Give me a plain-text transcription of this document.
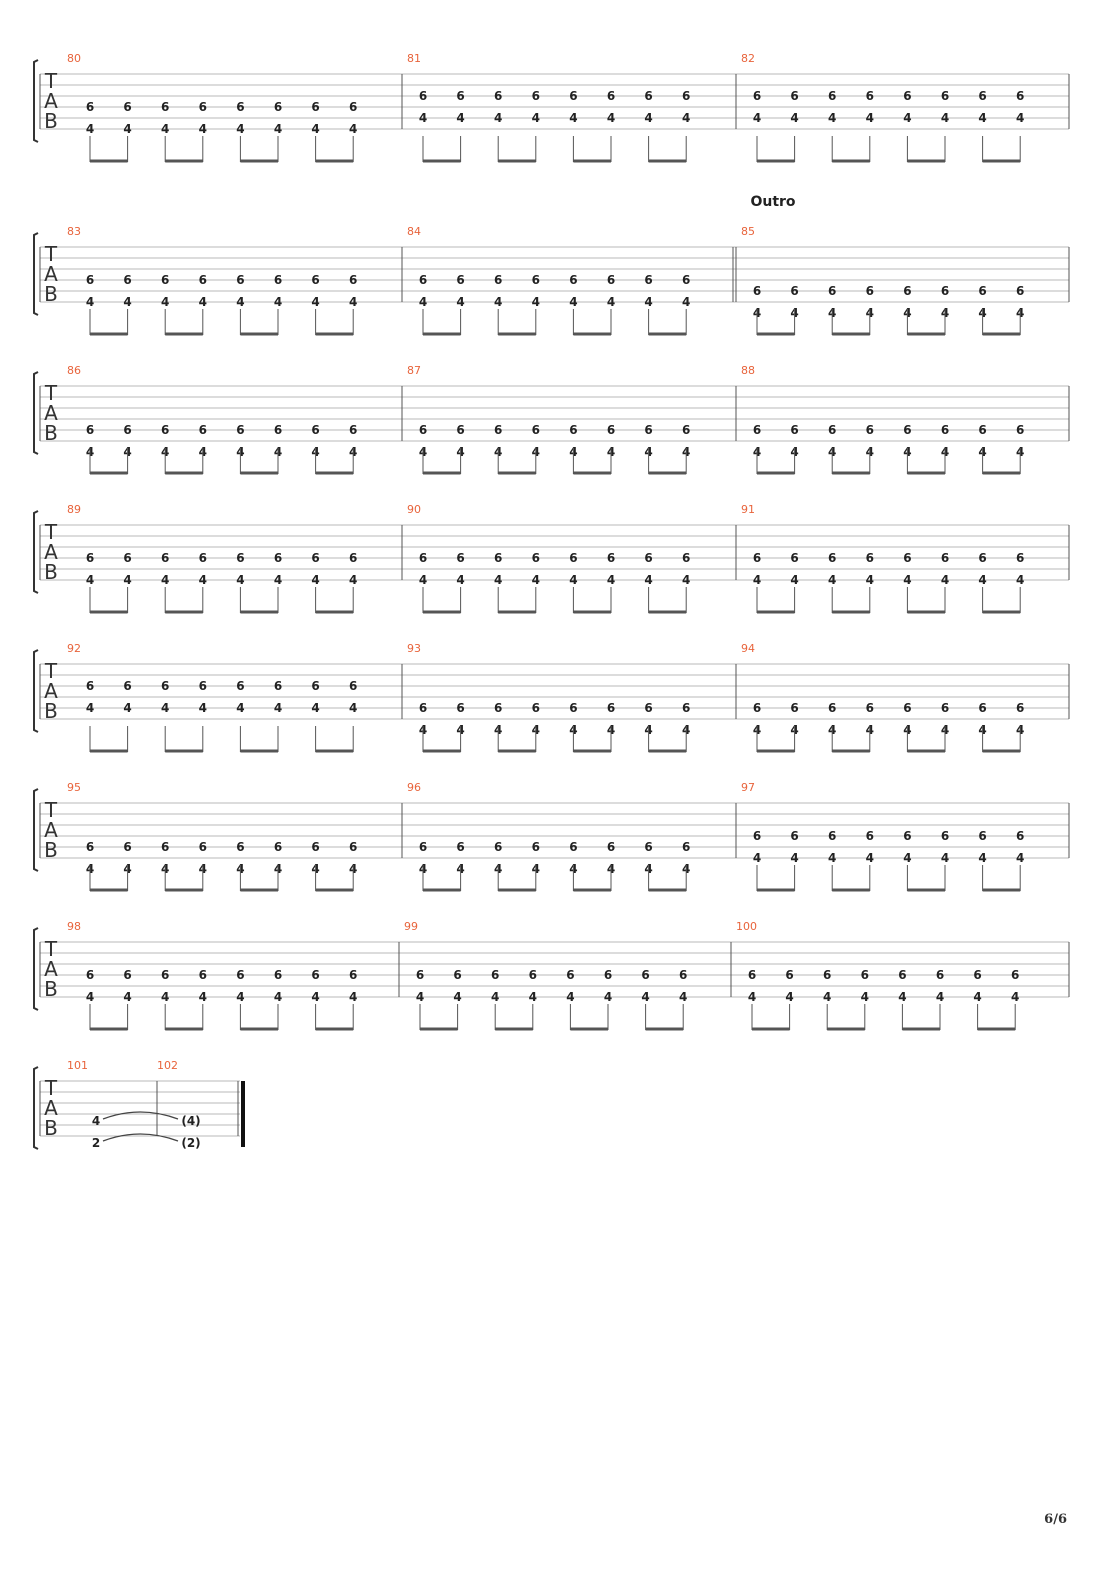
T
A
B
80
6
4
6
4
6
4
6
4
6
4
6
4
6
4
6
4
81
6
4
6
4
6
4
6
4
6
4
6
4
6
4
6
4
82
6
4
6
4
6
4
6
4
6
4
6
4
6
4
6
4
T
A
B
83
6
4
6
4
6
4
6
4
6
4
6
4
6
4
6
4
84
6
4
6
4
6
4
6
4
6
4
6
4
6
4
6
4
85
6
4
6
4
6
4
6
4
6
4
6
4
6
4
6
4
T
A
B
86
6
4
6
4
6
4
6
4
6
4
6
4
6
4
6
4
87
6
4
6
4
6
4
6
4
6
4
6
4
6
4
6
4
88
6
4
6
4
6
4
6
4
6
4
6
4
6
4
6
4
T
A
B
89
6
4
6
4
6
4
6
4
6
4
6
4
6
4
6
4
90
6
4
6
4
6
4
6
4
6
4
6
4
6
4
6
4
91
6
4
6
4
6
4
6
4
6
4
6
4
6
4
6
4
T
A
B
92
6
4
6
4
6
4
6
4
6
4
6
4
6
4
6
4
93
6
4
6
4
6
4
6
4
6
4
6
4
6
4
6
4
94
6
4
6
4
6
4
6
4
6
4
6
4
6
4
6
4
T
A
B
95
6
4
6
4
6
4
6
4
6
4
6
4
6
4
6
4
96
6
4
6
4
6
4
6
4
6
4
6
4
6
4
6
4
97
6
4
6
4
6
4
6
4
6
4
6
4
6
4
6
4
T
A
B
98
6
4
6
4
6
4
6
4
6
4
6
4
6
4
6
4
99
6
4
6
4
6
4
6
4
6
4
6
4
6
4
6
4
100
6
4
6
4
6
4
6
4
6
4
6
4
6
4
6
4
Outro
T
A
B
101	102
4
2
(4)
(2)
6/6
